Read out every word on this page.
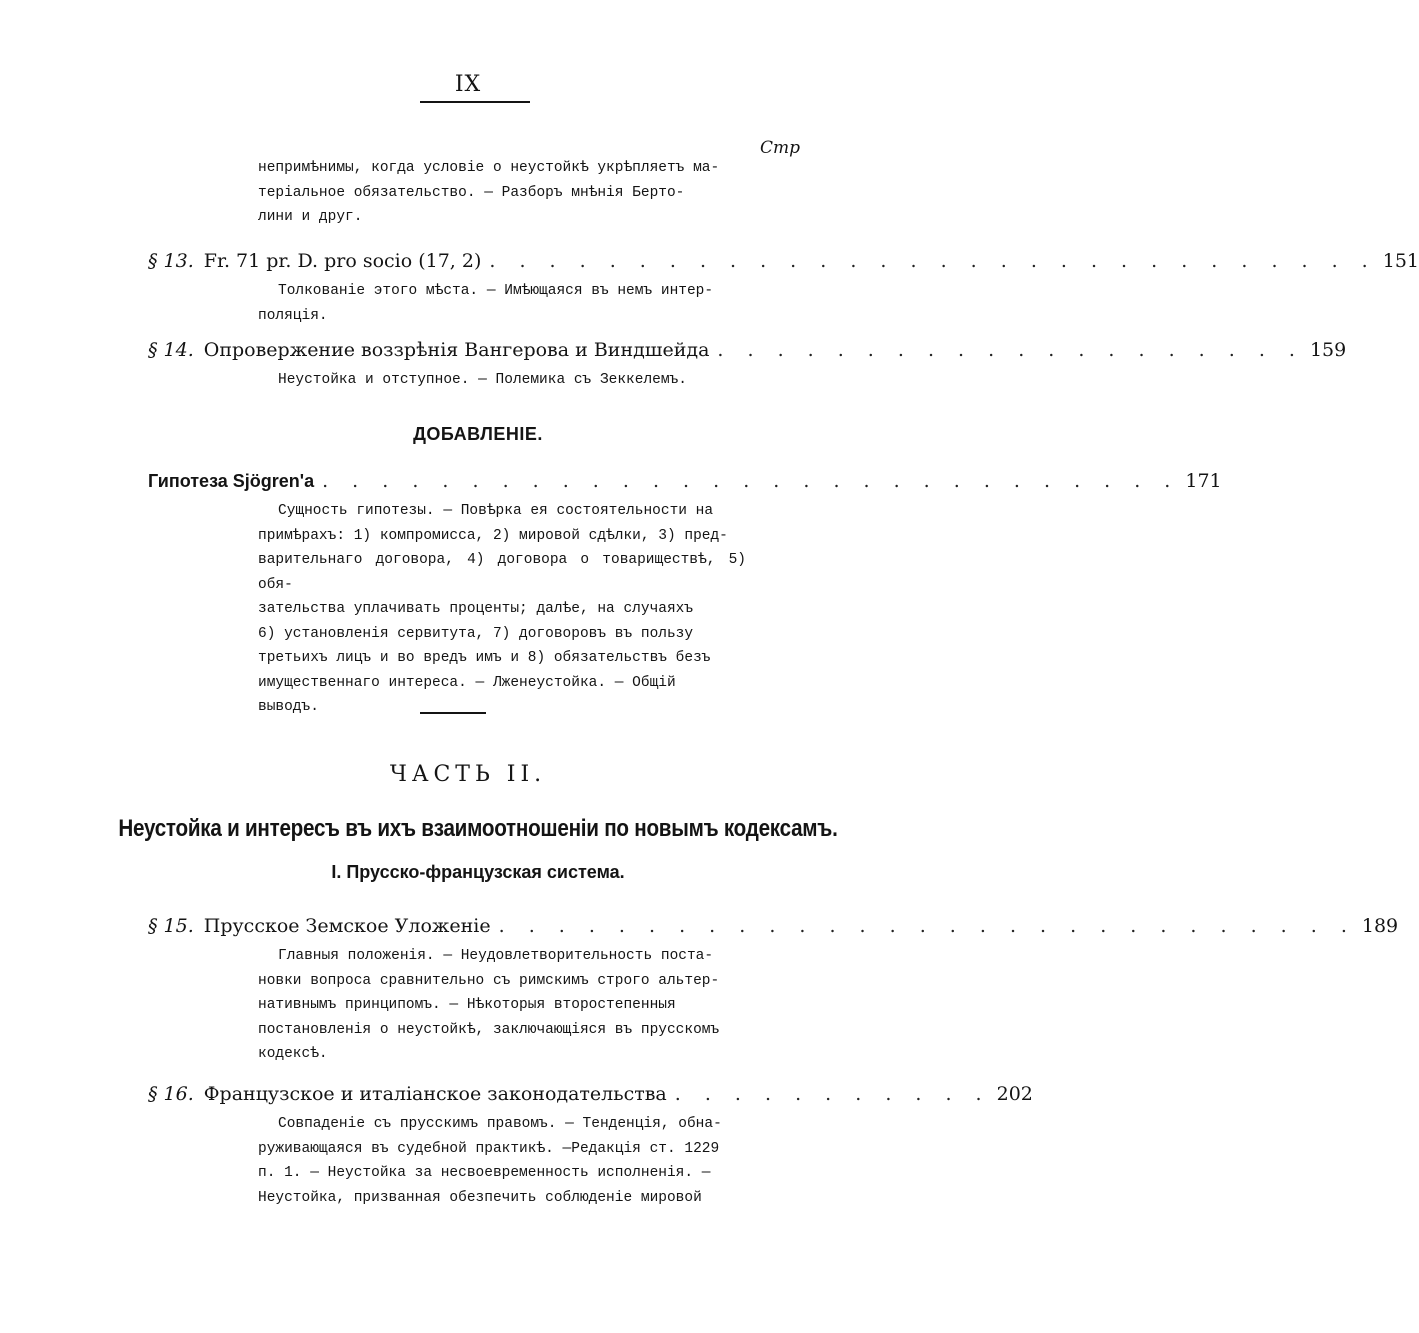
IX
Стр
непримѣнимы, когда условіе о неустойкѣ укрѣпляетъ ма-
теріальное обязательство. — Разборъ мнѣнія Берто-
лини и друг.
§ 13. Fr. 71 pr. D. pro socio (17, 2) . . . . . . . . . . . . . . . . . . . . . . . . . . . . . . 151
Толкованіе этого мѣста. — Имѣющаяся въ немъ интер-
поляція.
§ 14. Опровержение воззрѣнія Вангерова и Виндшейда . . . . . . . . . . . . . . . . . . . . 159
Неустойка и отступное. — Полемика съ Зеккелемъ.
ДОБАВЛЕНІЕ.
Гипотеза Sjögren'a . . . . . . . . . . . . . . . . . . . . . . . . . . . . . 171
Сущность гипотезы. — Повѣрка ея состоятельности на
примѣрахъ: 1) компромисса, 2) мировой сдѣлки, 3) пред-
варительнаго договора, 4) договора о товариществѣ, 5) обя-
зательства уплачивать проценты; далѣе, на случаяхъ
6) установленія сервитута, 7) договоровъ въ пользу
третьихъ лицъ и во вредъ имъ и 8) обязательствъ безъ
имущественнаго интереса. — Лженеустойка. — Общій
выводъ.
ЧАСТЬ II.
Неустойка и интересъ въ ихъ взаимоотношеніи по новымъ кодексамъ.
I. Прусско-французская система.
§ 15. Прусское Земское Уложеніе . . . . . . . . . . . . . . . . . . . . . . . . . . . . . 189
Главныя положенія. — Неудовлетворительность поста-
новки вопроса сравнительно съ римскимъ строго альтер-
нативнымъ принципомъ. — Нѣкоторыя второстепенныя
постановленія о неустойкѣ, заключающіяся въ прусскомъ
кодексѣ.
§ 16. Французское и италіанское законодательства . . . . . . . . . . . 202
Совпаденіе съ прусскимъ правомъ. — Тенденція, обна-
руживающаяся въ судебной практикѣ. —Редакція ст. 1229
п. 1. — Неустойка за несвоевременность исполненія. —
Неустойка, призванная обезпечить соблюденіе мировой
